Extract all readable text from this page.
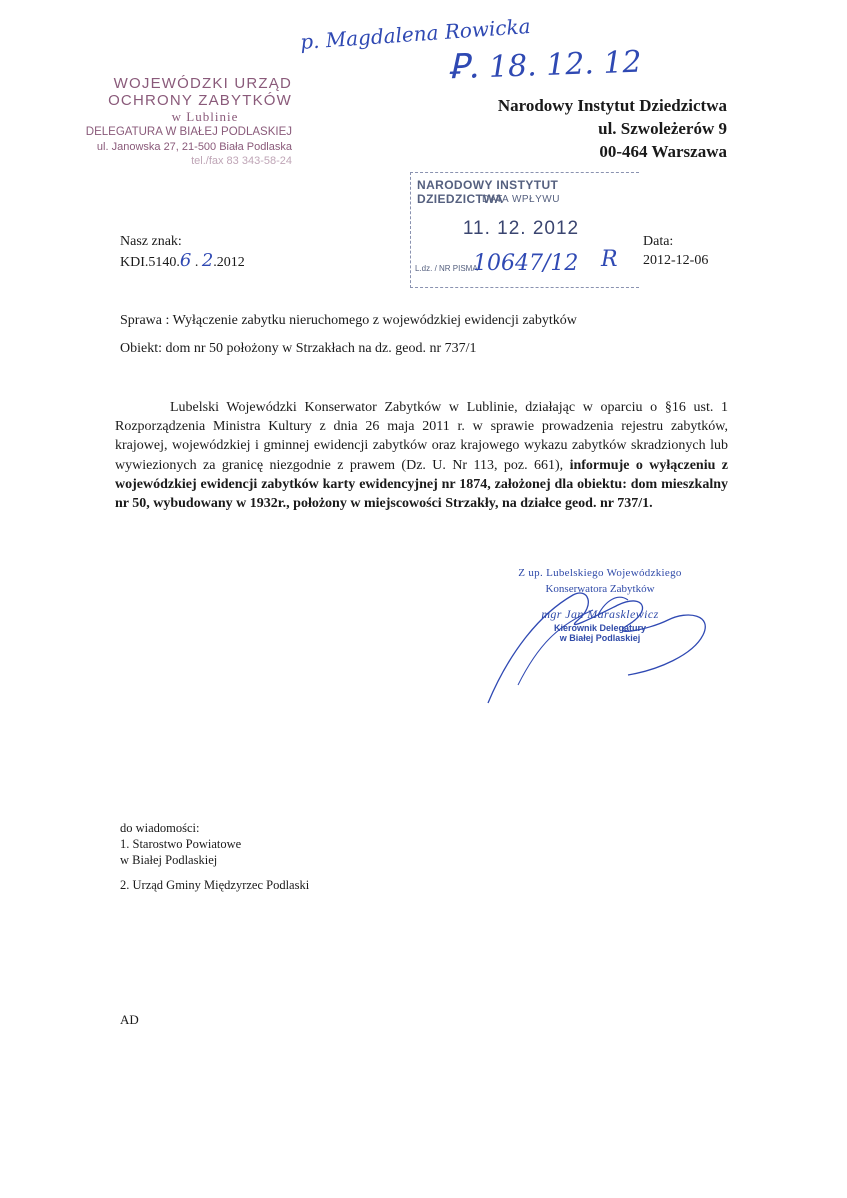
p. Magdalena Rowicka
Ꝑ. 18. 12. 12
WOJEWÓDZKI URZĄD
OCHRONY ZABYTKÓW
w Lublinie
DELEGATURA W BIAŁEJ PODLASKIEJ
ul. Janowska 27, 21-500 Biała Podlaska
tel./fax 83 343-58-24
Narodowy Instytut Dziedzictwa
ul. Szwoleżerów 9
00-464 Warszawa
NARODOWY INSTYTUT DZIEDZICTWA
DATA WPŁYWU
11. 12. 2012
L.dz. / NR PISMA
10647/12 R
Nasz znak:
KDI.5140.6 . 2.2012
Data:
2012-12-06
Sprawa : Wyłączenie zabytku nieruchomego z wojewódzkiej ewidencji zabytków
Obiekt: dom nr 50 położony w Strzakłach na dz. geod. nr 737/1
Lubelski Wojewódzki Konserwator Zabytków w Lublinie, działając w oparciu o §16 ust. 1 Rozporządzenia Ministra Kultury z dnia 26 maja 2011 r. w sprawie prowadzenia rejestru zabytków, krajowej, wojewódzkiej i gminnej ewidencji zabytków oraz krajowego wykazu zabytków skradzionych lub wywiezionych za granicę niezgodnie z prawem (Dz. U. Nr 113, poz. 661), informuje o wyłączeniu z wojewódzkiej ewidencji zabytków karty ewidencyjnej nr 1874, założonej dla obiektu: dom mieszkalny nr 50, wybudowany w 1932r., położony w miejscowości Strzakły, na działce geod. nr 737/1.
Z up. Lubelskiego Wojewódzkiego
Konserwatora Zabytków
mgr Jan Marasklewicz
Kierownik Delegatury
w Białej Podlaskiej
do wiadomości:
1. Starostwo Powiatowe
w Białej Podlaskiej
2. Urząd Gminy Międzyrzec Podlaski
AD
